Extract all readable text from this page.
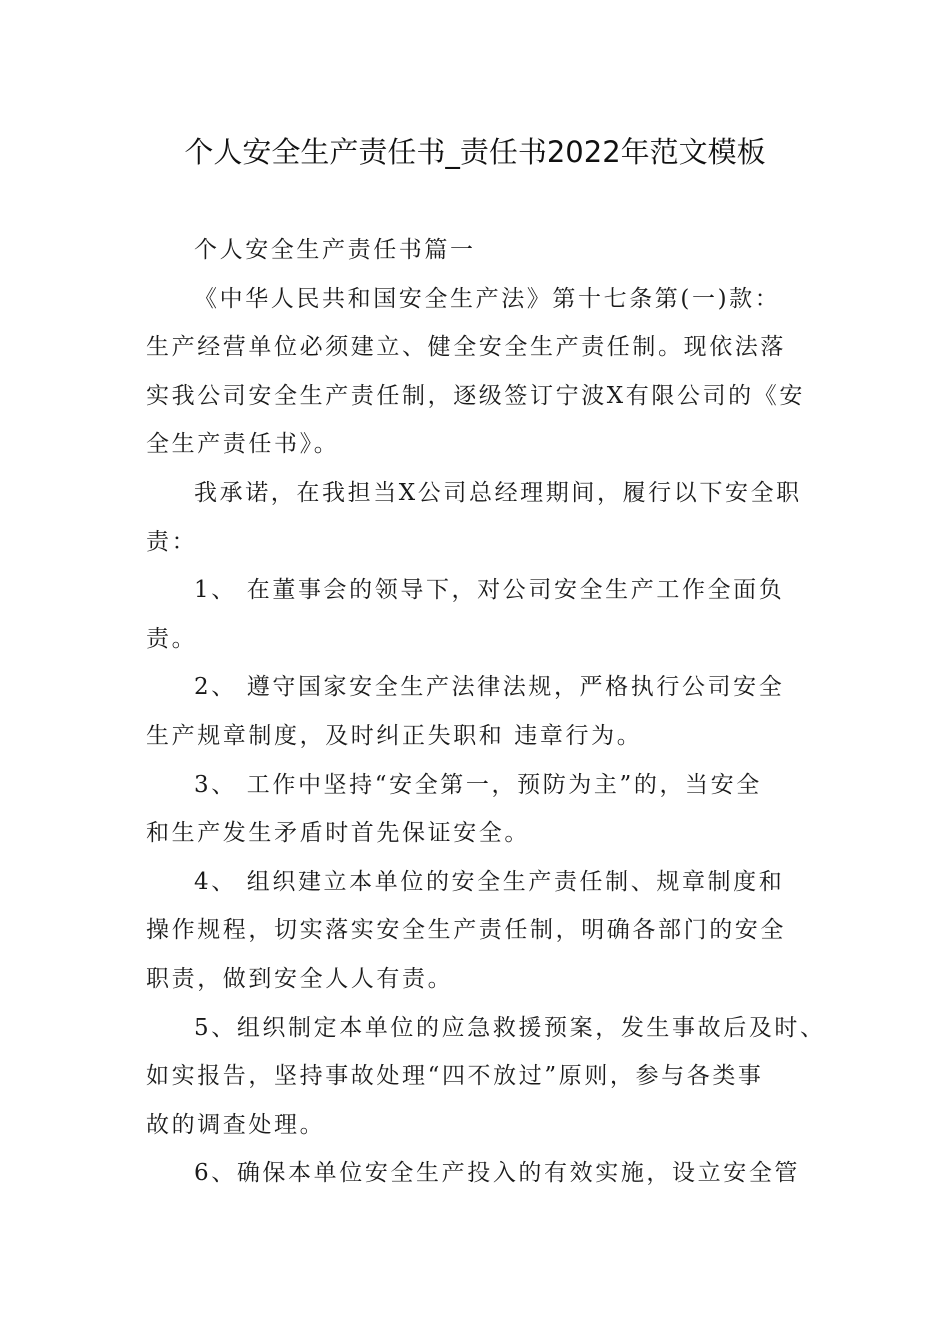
个人安全生产责任书_责任书2022年范文模板

个人安全生产责任书篇一

《中华人民共和国安全生产法》第十七条第(一)款：
生产经营单位必须建立、健全安全生产责任制。现依法落
实我公司安全生产责任制，逐级签订宁波X有限公司的《安
全生产责任书》。

我承诺，在我担当X公司总经理期间，履行以下安全职
责：

1、 在董事会的领导下，对公司安全生产工作全面负
责。

2、 遵守国家安全生产法律法规，严格执行公司安全
生产规章制度，及时纠正失职和 违章行为。

3、 工作中坚持“安全第一，预防为主”的，当安全
和生产发生矛盾时首先保证安全。

4、 组织建立本单位的安全生产责任制、规章制度和
操作规程，切实落实安全生产责任制，明确各部门的安全
职责，做到安全人人有责。

5、组织制定本单位的应急救援预案，发生事故后及时、
如实报告，坚持事故处理“四不放过”原则，参与各类事
故的调查处理。

6、确保本单位安全生产投入的有效实施，设立安全管
